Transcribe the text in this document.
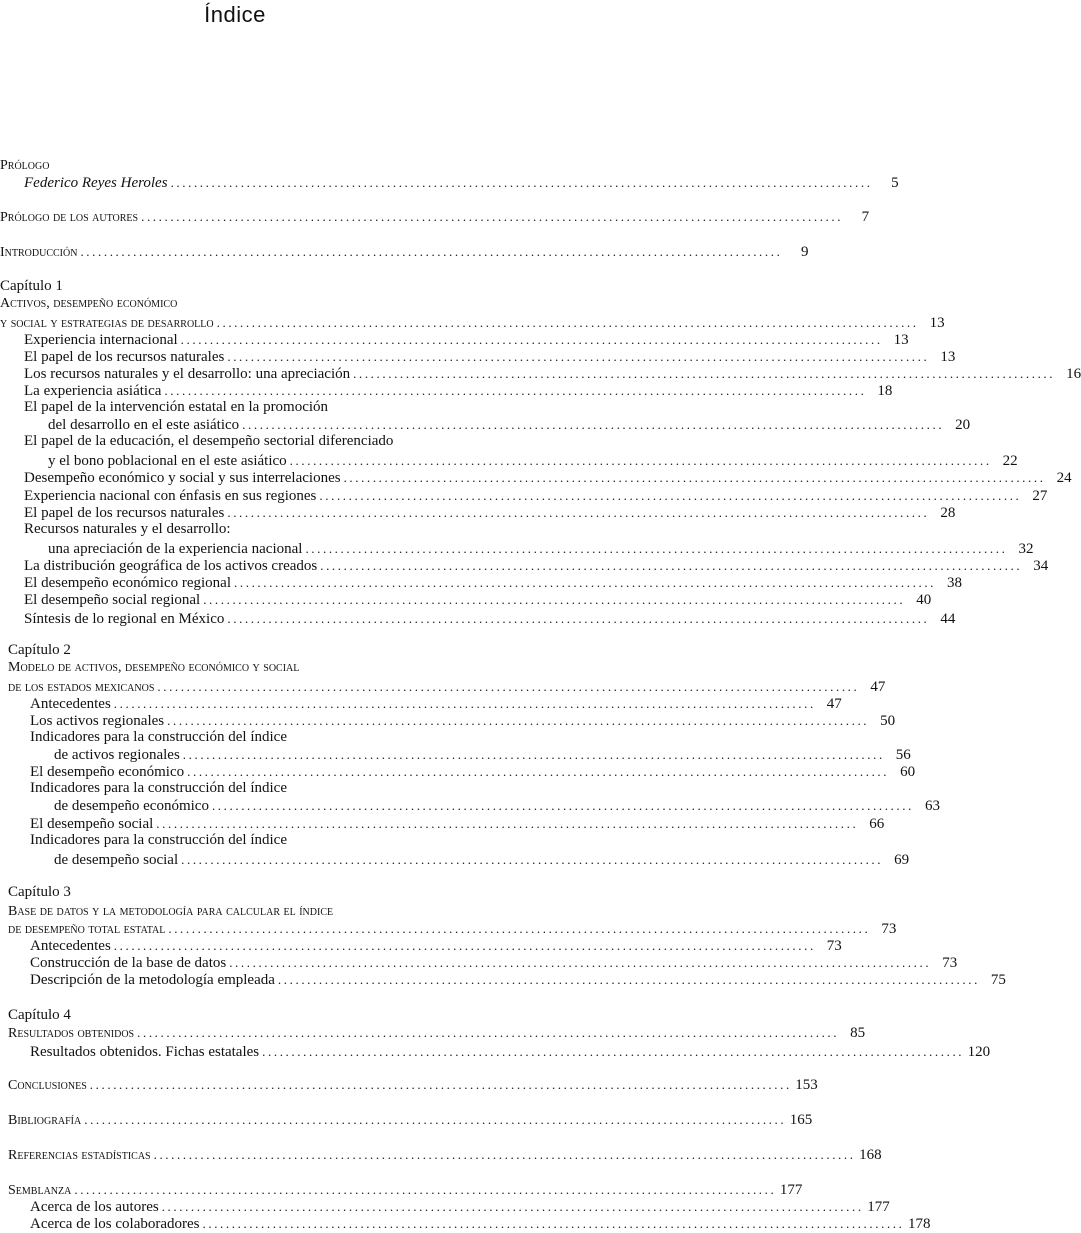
Índice
Prólogo
Federico Reyes Heroles ........................................................................................................................	5
Prólogo de los autores ........................................................................................................................	7
Introducción ........................................................................................................................	9
Capítulo 1
Activos, desempeño económico
y social y estrategias de desarrollo ........................................................................................................................ 13
Experiencia internacional ........................................................................................................................ 13
El papel de los recursos naturales ........................................................................................................................ 13
Los recursos naturales y el desarrollo: una apreciación ........................................................................................................................ 16
La experiencia asiática ........................................................................................................................ 18
El papel de la intervención estatal en la promoción
del desarrollo en el este asiático ........................................................................................................................ 20
El papel de la educación, el desempeño sectorial diferenciado
y el bono poblacional en el este asiático ........................................................................................................................ 22
Desempeño económico y social y sus interrelaciones ........................................................................................................................ 24
Experiencia nacional con énfasis en sus regiones ........................................................................................................................ 27
El papel de los recursos naturales ........................................................................................................................ 28
Recursos naturales y el desarrollo:
una apreciación de la experiencia nacional ........................................................................................................................ 32
La distribución geográfica de los activos creados ........................................................................................................................ 34
El desempeño económico regional ........................................................................................................................ 38
El desempeño social regional ........................................................................................................................ 40
Síntesis de lo regional en México ........................................................................................................................ 44
Capítulo 2
Modelo de activos, desempeño económico y social
de los estados mexicanos ........................................................................................................................ 47
Antecedentes ........................................................................................................................ 47
Los activos regionales ........................................................................................................................ 50
Indicadores para la construcción del índice
de activos regionales ........................................................................................................................ 56
El desempeño económico ........................................................................................................................ 60
Indicadores para la construcción del índice
de desempeño económico ........................................................................................................................ 63
El desempeño social ........................................................................................................................ 66
Indicadores para la construcción del índice
de desempeño social ........................................................................................................................ 69
Capítulo 3
Base de datos y la metodología para calcular el índice
de desempeño total estatal ........................................................................................................................ 73
Antecedentes ........................................................................................................................ 73
Construcción de la base de datos ........................................................................................................................ 73
Descripción de la metodología empleada ........................................................................................................................ 75
Capítulo 4
Resultados obtenidos ........................................................................................................................ 85
Resultados obtenidos. Fichas estatales ........................................................................................................................ 120
Conclusiones ........................................................................................................................ 153
Bibliografía ........................................................................................................................ 165
Referencias estadísticas ........................................................................................................................ 168
Semblanza ........................................................................................................................ 177
Acerca de los autores ........................................................................................................................ 177
Acerca de los colaboradores ........................................................................................................................ 178
